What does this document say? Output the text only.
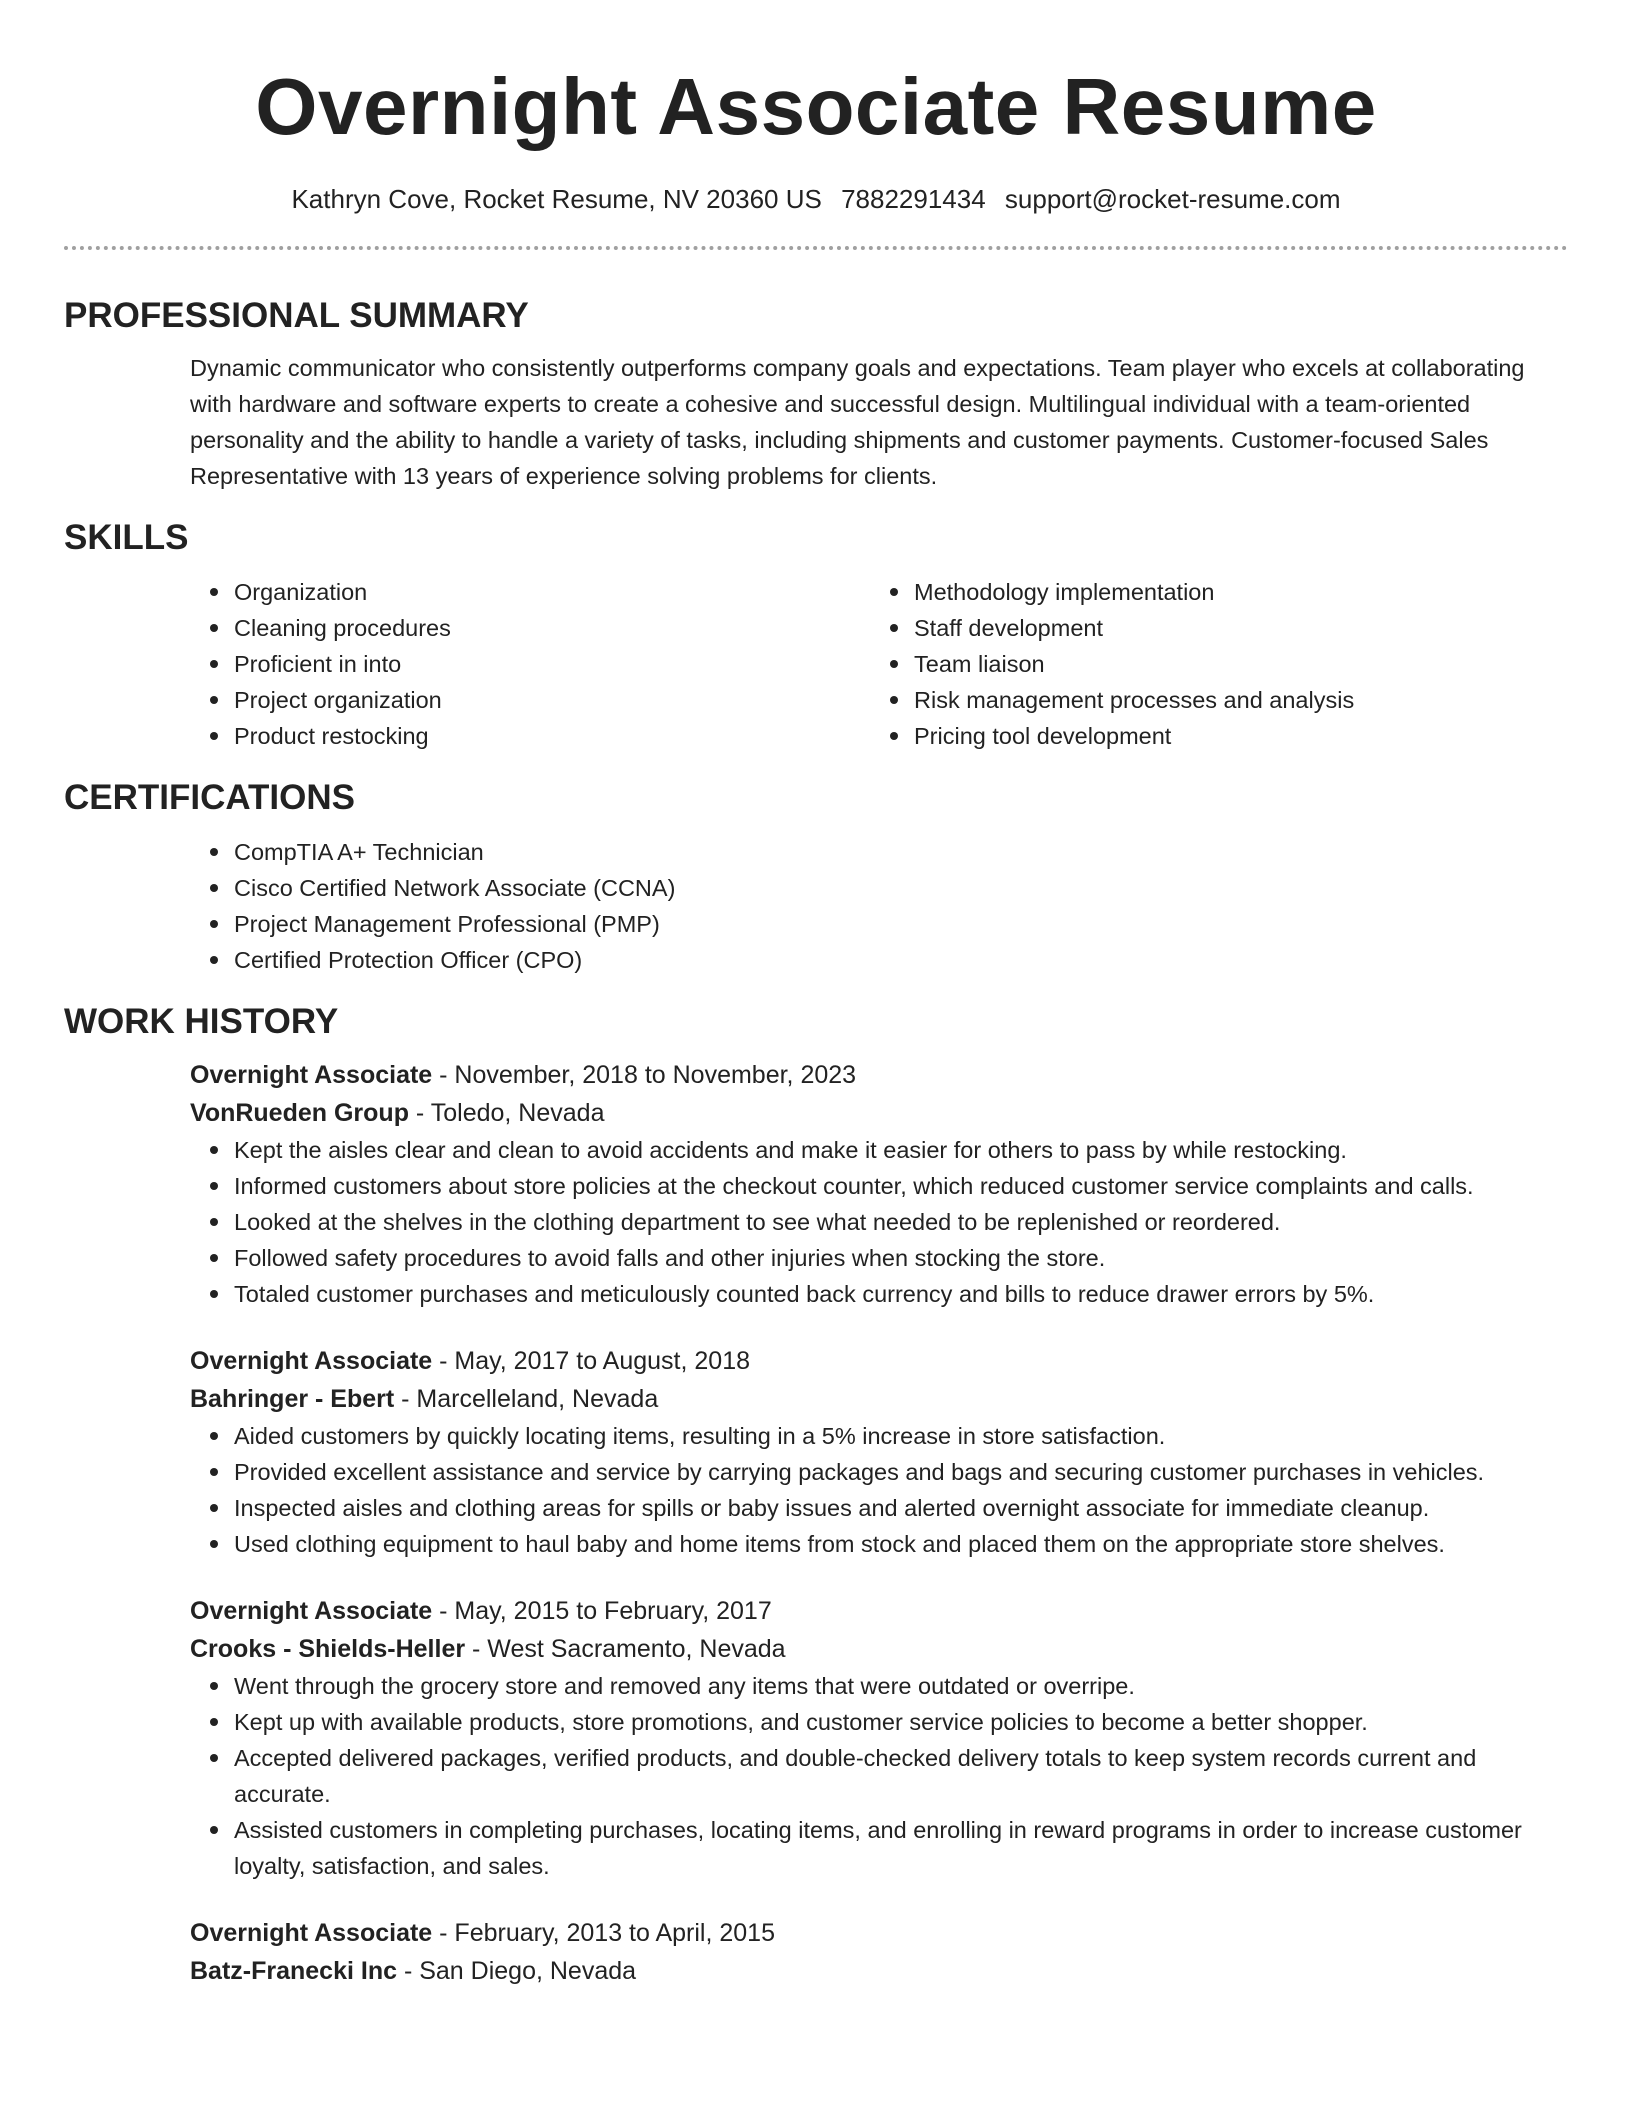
Overnight Associate Resume
Kathryn Cove, Rocket Resume, NV 20360 US 7882291434 support@rocket-resume.com
PROFESSIONAL SUMMARY

Dynamic communicator who consistently outperforms company goals and expectations. Team player who excels at collaborating with hardware and software experts to create a cohesive and successful design. Multilingual individual with a team-oriented personality and the ability to handle a variety of tasks, including shipments and customer payments. Customer-focused Sales Representative with 13 years of experience solving problems for clients.

SKILLS
Organization
Cleaning procedures
Proficient in into
Project organization
Product restocking
Methodology implementation
Staff development
Team liaison
Risk management processes and analysis
Pricing tool development
CERTIFICATIONS
CompTIA A+ Technician
Cisco Certified Network Associate (CCNA)
Project Management Professional (PMP)
Certified Protection Officer (CPO)
WORK HISTORY
Overnight Associate - November, 2018 to November, 2023
VonRueden Group - Toledo, Nevada
Kept the aisles clear and clean to avoid accidents and make it easier for others to pass by while restocking.
Informed customers about store policies at the checkout counter, which reduced customer service complaints and calls.
Looked at the shelves in the clothing department to see what needed to be replenished or reordered.
Followed safety procedures to avoid falls and other injuries when stocking the store.
Totaled customer purchases and meticulously counted back currency and bills to reduce drawer errors by 5%.
Overnight Associate - May, 2017 to August, 2018
Bahringer - Ebert - Marcelleland, Nevada
Aided customers by quickly locating items, resulting in a 5% increase in store satisfaction.
Provided excellent assistance and service by carrying packages and bags and securing customer purchases in vehicles.
Inspected aisles and clothing areas for spills or baby issues and alerted overnight associate for immediate cleanup.
Used clothing equipment to haul baby and home items from stock and placed them on the appropriate store shelves.
Overnight Associate - May, 2015 to February, 2017
Crooks - Shields-Heller - West Sacramento, Nevada
Went through the grocery store and removed any items that were outdated or overripe.
Kept up with available products, store promotions, and customer service policies to become a better shopper.
Accepted delivered packages, verified products, and double-checked delivery totals to keep system records current and accurate.
Assisted customers in completing purchases, locating items, and enrolling in reward programs in order to increase customer loyalty, satisfaction, and sales.
Overnight Associate - February, 2013 to April, 2015
Batz-Franecki Inc - San Diego, Nevada
